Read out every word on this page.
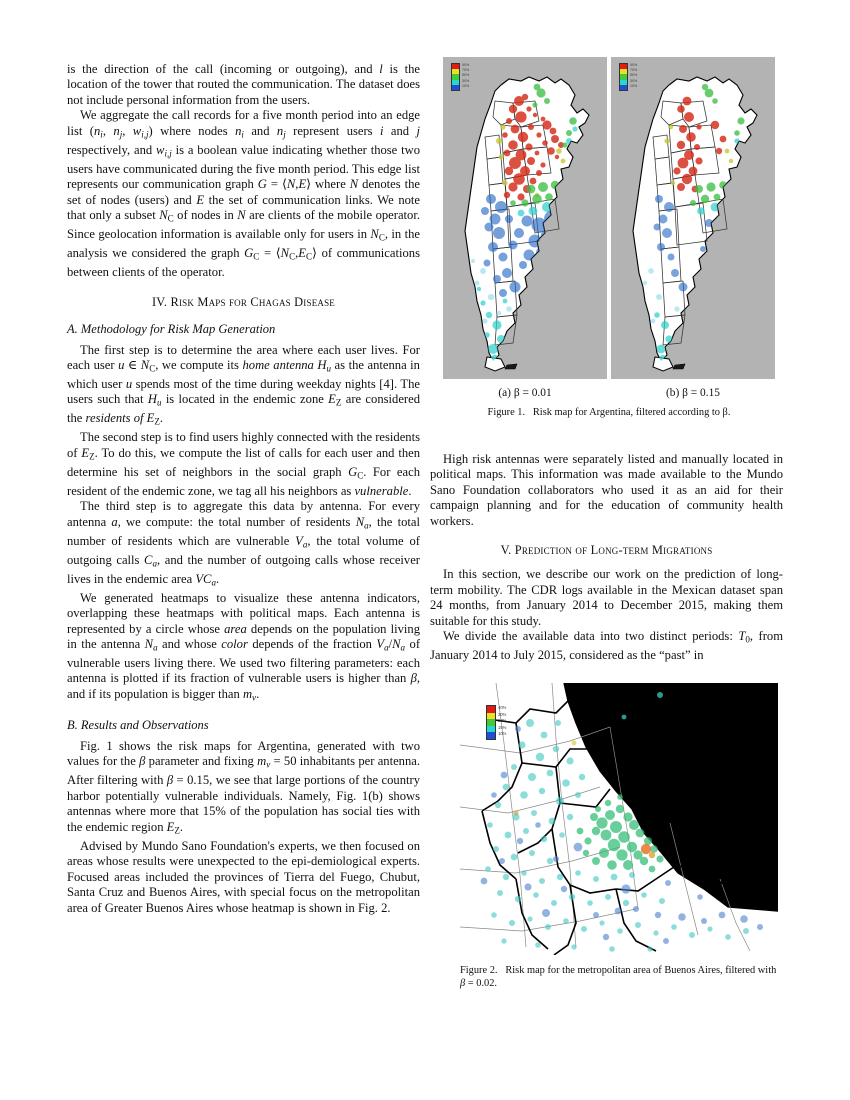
is the direction of the call (incoming or outgoing), and l is the location of the tower that routed the communication. The dataset does not include personal information from the users.

We aggregate the call records for a five month period into an edge list ($n_i$, $n_j$, $w_{i,j}$) where nodes $n_i$ and $n_j$ represent users i and j respectively, and $w_{i,j}$ is a boolean value indicating whether those two users have communicated during the five month period. This edge list represents our communication graph G = ⟨N,E⟩ where N denotes the set of nodes (users) and E the set of communication links. We note that only a subset $N_C$ of nodes in N are clients of the mobile operator. Since geolocation information is available only for users in $N_C$, in the analysis we considered the graph $G_C$ = $⟨N_C,E_C⟩$ of communications between clients of the operator.

IV. Risk Maps for Chagas Disease
A. Methodology for Risk Map Generation

The first step is to determine the area where each user lives. For each user u ∈ $N_C$, we compute its home antenna $H_u$ as the antenna in which user u spends most of the time during weekday nights [4]. The users such that $H_u$ is located in the endemic zone $E_Z$ are considered the residents of $E_Z$.

The second step is to find users highly connected with the residents of $E_Z$. To do this, we compute the list of calls for each user and then determine his set of neighbors in the social graph $G_C$. For each resident of the endemic zone, we tag all his neighbors as vulnerable.

The third step is to aggregate this data by antenna. For every antenna a, we compute: the total number of residents $N_a$, the total number of residents which are vulnerable $V_a$, the total volume of outgoing calls $C_a$, and the number of outgoing calls whose receiver lives in the endemic area $VC_a$.

We generated heatmaps to visualize these antenna indicators, overlapping these heatmaps with political maps. Each antenna is represented by a circle whose area depends on the population living in the antenna $N_a$ and whose color depends of the fraction $V_a/N_a$ of vulnerable users living there. We used two filtering parameters: each antenna is plotted if its fraction of vulnerable users is higher than β, and if its population is bigger than $m_v$.

B. Results and Observations

Fig. 1 shows the risk maps for Argentina, generated with two values for the β parameter and fixing $m_v = 50$ inhabitants per antenna. After filtering with β = 0.15, we see that large portions of the country harbor potentially vulnerable individuals. Namely, Fig. 1(b) shows antennas where more that 15% of the population has social ties with the endemic region $E_Z$.

Advised by Mundo Sano Foundation's experts, we then focused on areas whose results were unexpected to the epi-demiological experts. Focused areas included the provinces of Tierra del Fuego, Chubut, Santa Cruz and Buenos Aires, with special focus on the metropolitan area of Greater Buenos Aires whose heatmap is shown in Fig. 2.

90%
70%
50%
30%
10%
90%
70%
50%
30%
10%
(a) β = 0.01	(b) β = 0.15
Figure 1. Risk map for Argentina, filtered according to β.

High risk antennas were separately listed and manually located in political maps. This information was made available to the Mundo Sano Foundation collaborators who used it as an aid for their campaign planning and for the education of community health workers.

V. Prediction of Long-term Migrations

In this section, we describe our work on the prediction of long-term mobility. The CDR logs available in the Mexican dataset span 24 months, from January 2014 to December 2015, making them suitable for this study.

We divide the available data into two distinct periods: $T_0$, from January 2014 to July 2015, considered as the “past” in

40%
30%
20%
15%
10%
Figure 2. Risk map for the metropolitan area of Buenos Aires, filtered with
β = 0.02.
